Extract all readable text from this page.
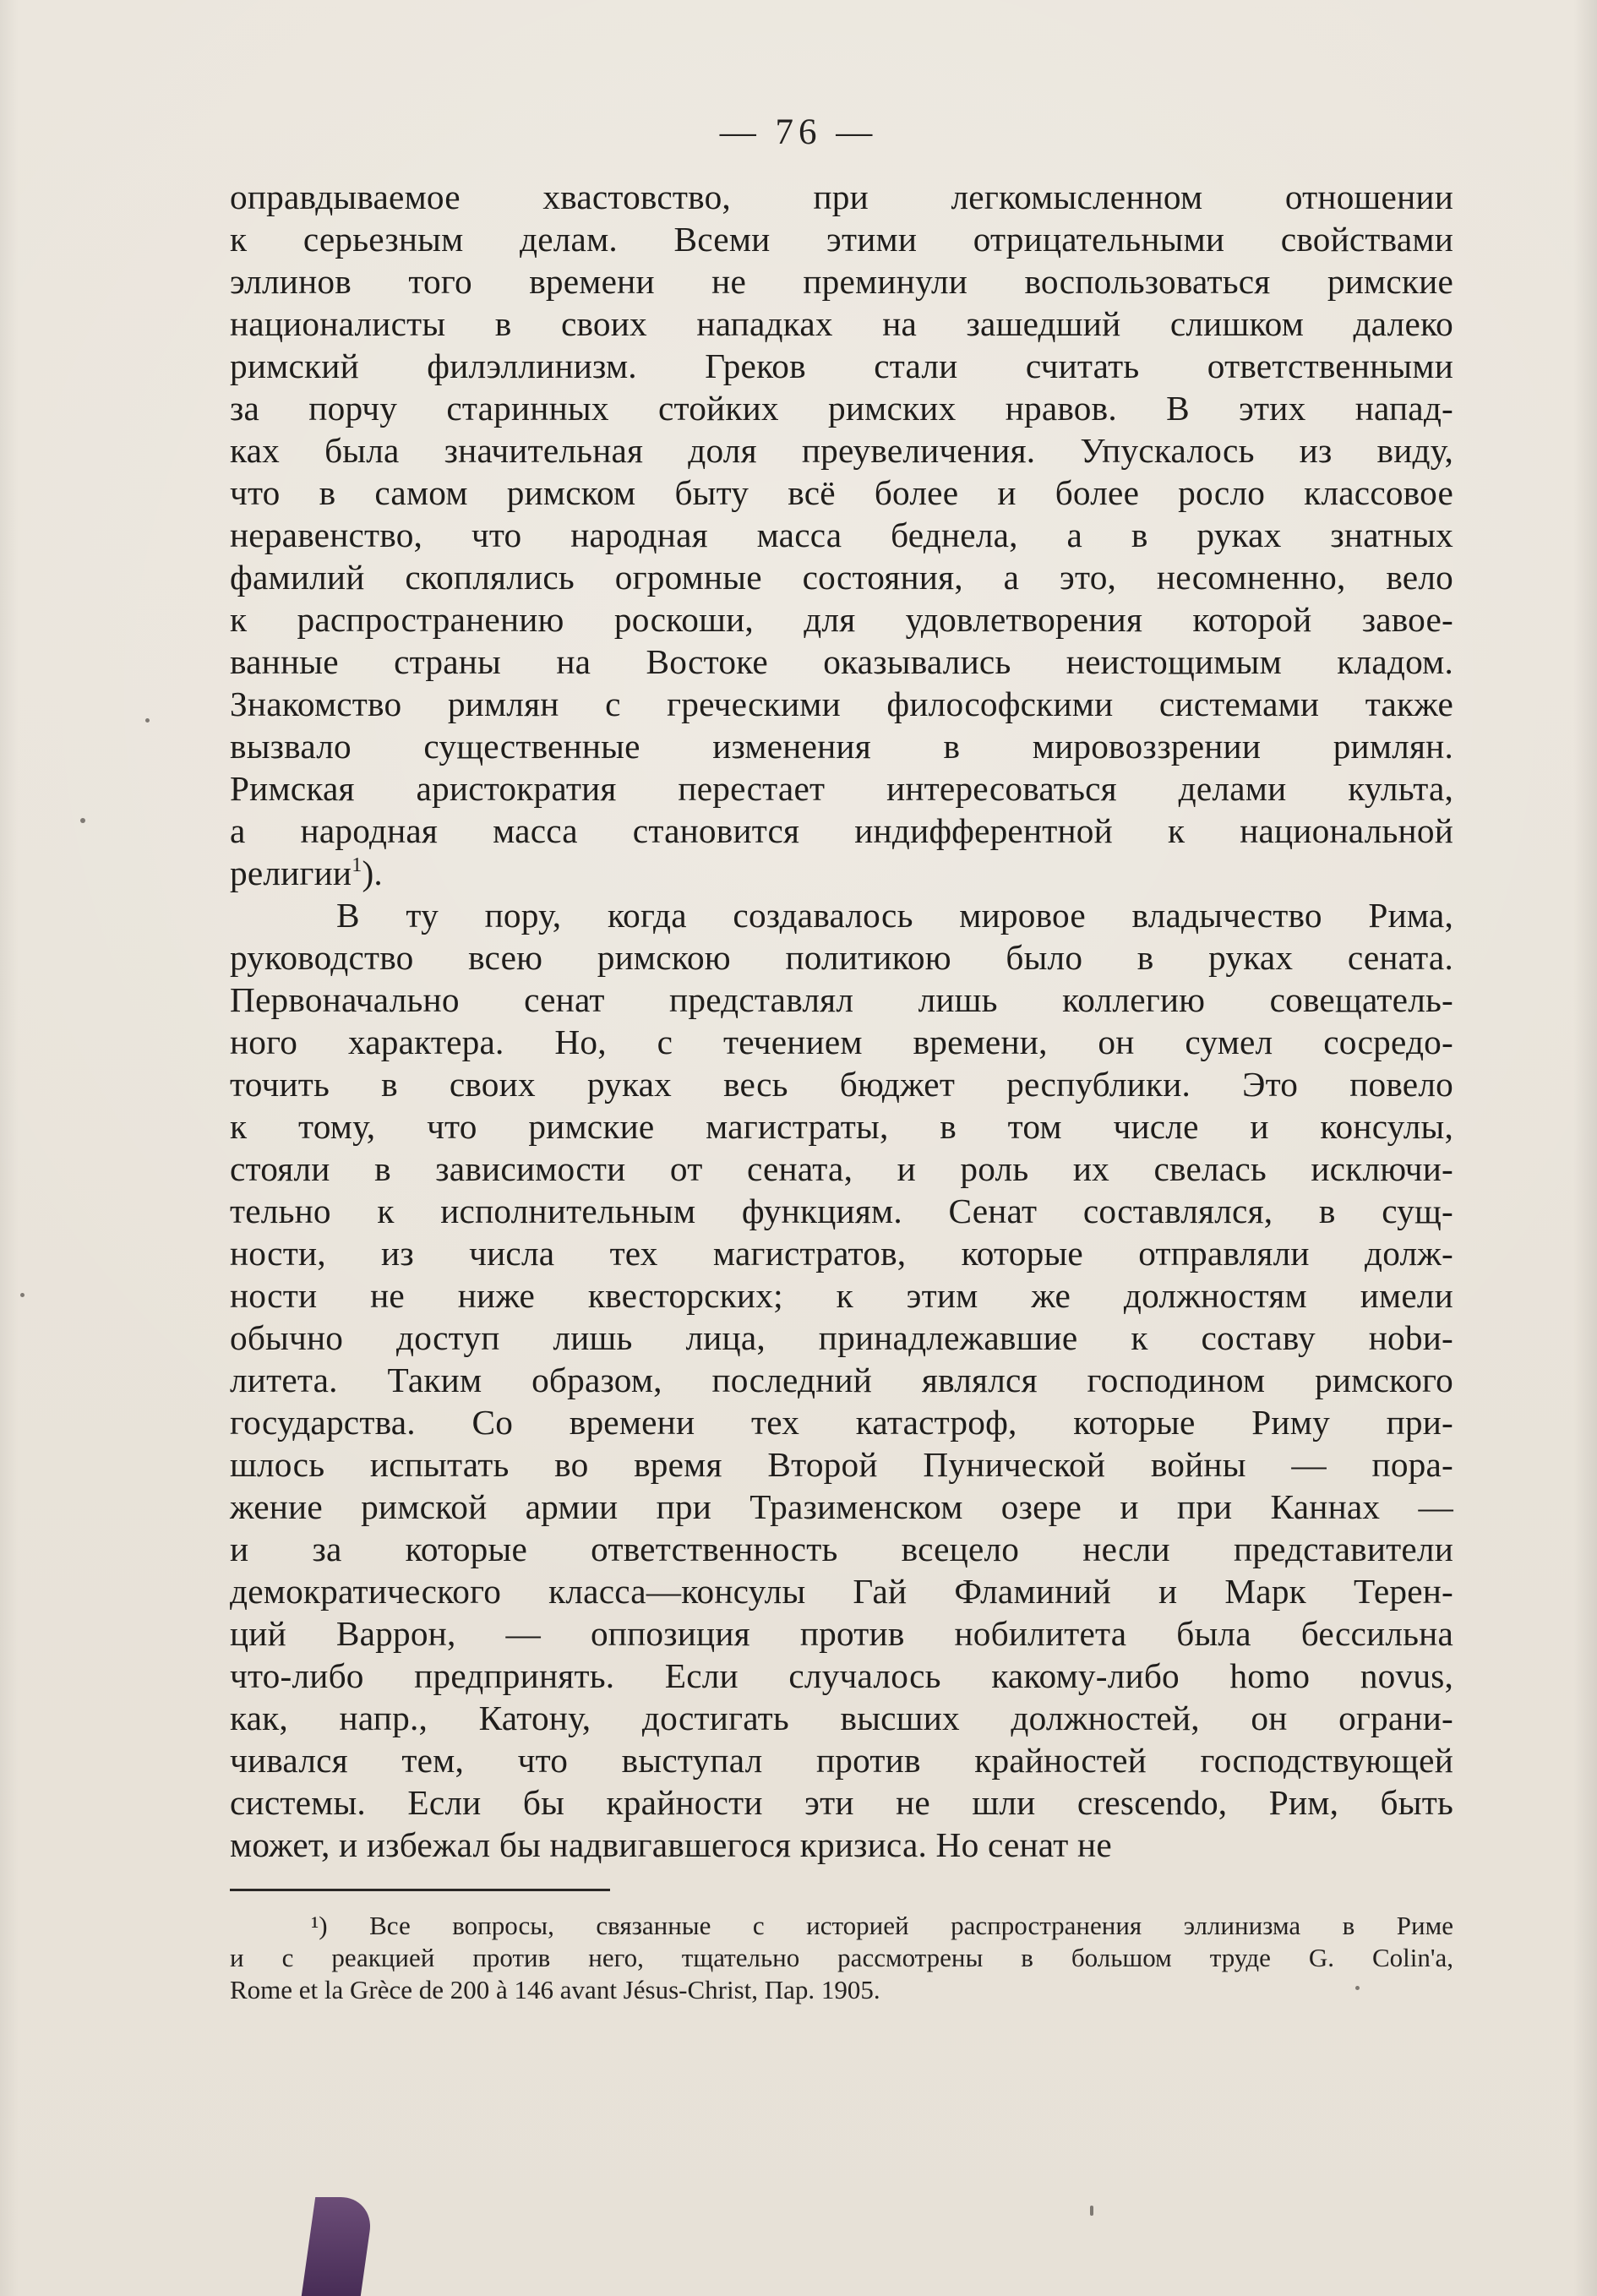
— 76 —
оправдываемое хвастовство, при легкомысленном отношении
к серьезным делам. Всеми этими отрицательными свойствами
эллинов того времени не преминули воспользоваться римские
националисты в своих нападках на зашедший слишком далеко
римский филэллинизм. Греков стали считать ответственными
за порчу старинных стойких римских нравов. В этих напад-
ках была значительная доля преувеличения. Упускалось из виду,
что в самом римском быту всё более и более росло классовое
неравенство, что народная масса беднела, а в руках знатных
фамилий скоплялись огромные состояния, а это, несомненно, вело
к распространению роскоши, для удовлетворения которой завое-
ванные страны на Востоке оказывались неистощимым кладом.
Знакомство римлян с греческими философскими системами также
вызвало существенные изменения в мировоззрении римлян.
Римская аристократия перестает интересоваться делами культа,
а народная масса становится индифферентной к национальной
религии$^1$).
В ту пору, когда создавалось мировое владычество Рима,
руководство всею римскою политикою было в руках сената.
Первоначально сенат представлял лишь коллегию совещатель-
ного характера. Но, с течением времени, он сумел сосредо-
точить в своих руках весь бюджет республики. Это повело
к тому, что римские магистраты, в том числе и консулы,
стояли в зависимости от сената, и роль их свелась исключи-
тельно к исполнительным функциям. Сенат составлялся, в сущ-
ности, из числа тех магистратов, которые отправляли долж-
ности не ниже квесторских; к этим же должностям имели
обычно доступ лишь лица, принадлежавшие к составу нobи-
литета. Таким образом, последний являлся господином римского
государства. Со времени тех катастроф, которые Риму при-
шлось испытать во время Второй Пунической войны — пора-
жение римской армии при Тразименском озере и при Каннах —
и за которые ответственность всецело несли представители
демократического класса—консулы Гай Фламиний и Марк Терен-
ций Варрон, — оппозиция против нобилитета была бессильна
что-либо предпринять. Если случалось какому-либо homo novus,
как, напр., Катону, достигать высших должностей, он ограни-
чивался тем, что выступал против крайностей господствующей
системы. Если бы крайности эти не шли crescendo, Рим, быть
может, и избежал бы надвигавшегося кризиса. Но сенат не
¹) Все вопросы, связанные с историей распространения эллинизма в Риме
и с реакцией против него, тщательно рассмотрены в большом труде G. Colin'a,
Rome et la Grèce de 200 à 146 avant Jésus-Christ, Пар. 1905.
